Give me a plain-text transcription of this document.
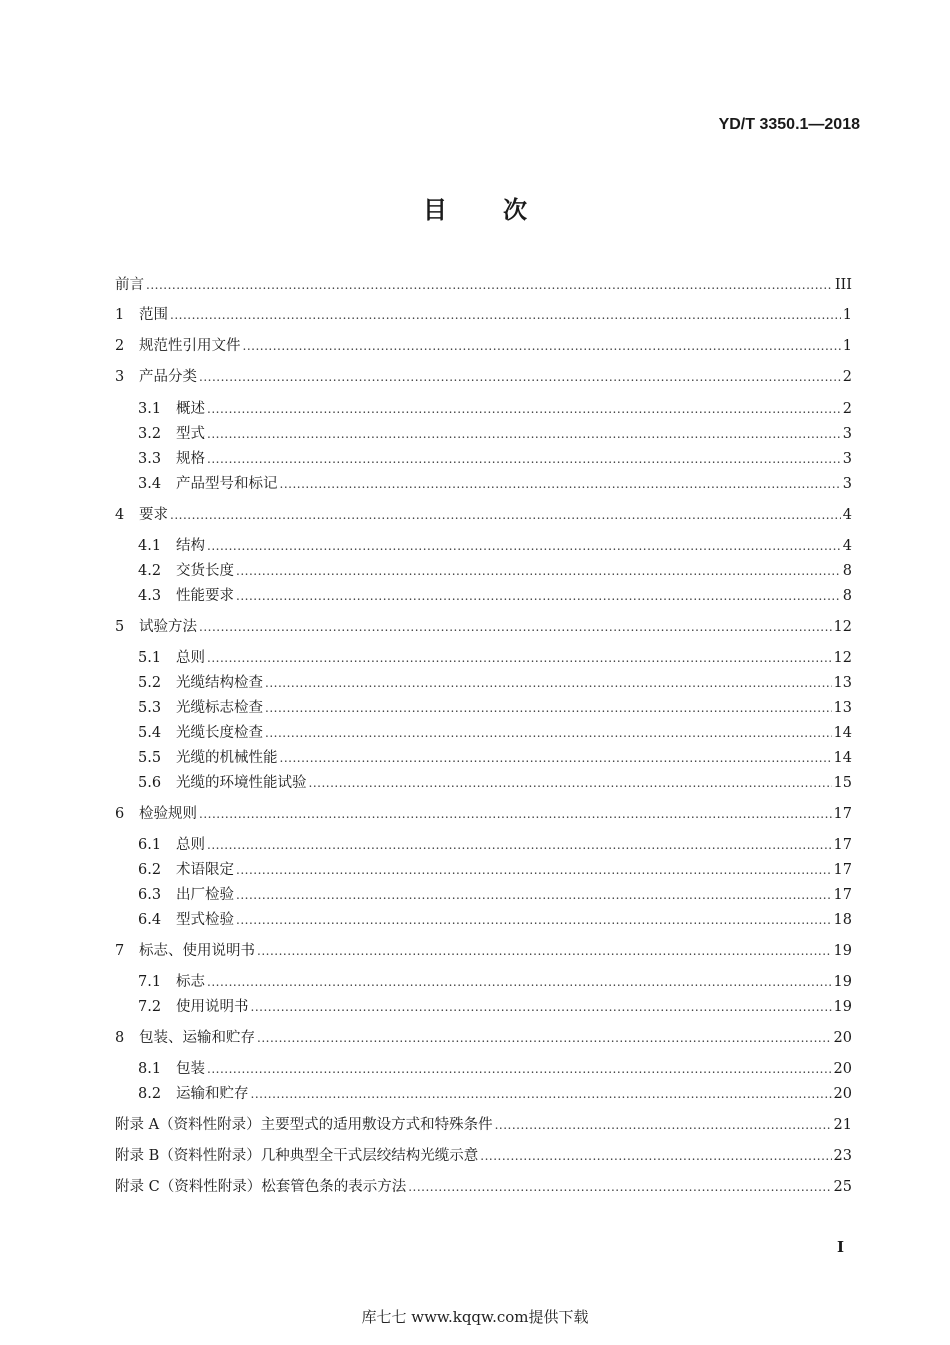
YD/T 3350.1—2018
目次
前言 .....	III
1	范围 .....	1
2	规范性引用文件 .....	1
3	产品分类 .....	2
3.1	概述 .....	2
3.2	型式 .....	3
3.3	规格 .....	3
3.4	产品型号和标记 .....	3
4	要求 .....	4
4.1	结构 .....	4
4.2	交货长度 .....	8
4.3	性能要求 .....	8
5	试验方法 .....	12
5.1	总则 .....	12
5.2	光缆结构检查 .....	13
5.3	光缆标志检查 .....	13
5.4	光缆长度检查 .....	14
5.5	光缆的机械性能 .....	14
5.6	光缆的环境性能试验 .....	15
6	检验规则 .....	17
6.1	总则 .....	17
6.2	术语限定 .....	17
6.3	出厂检验 .....	17
6.4	型式检验 .....	18
7	标志、使用说明书 .....	19
7.1	标志 .....	19
7.2	使用说明书 .....	19
8	包装、运输和贮存 .....	20
8.1	包装 .....	20
8.2	运输和贮存 .....	20
附录 A（资料性附录）主要型式的适用敷设方式和特殊条件 .....	21
附录 B（资料性附录）几种典型全干式层绞结构光缆示意 .....	23
附录 C（资料性附录）松套管色条的表示方法 .....	25
I
库七七 www.kqqw.com提供下载
